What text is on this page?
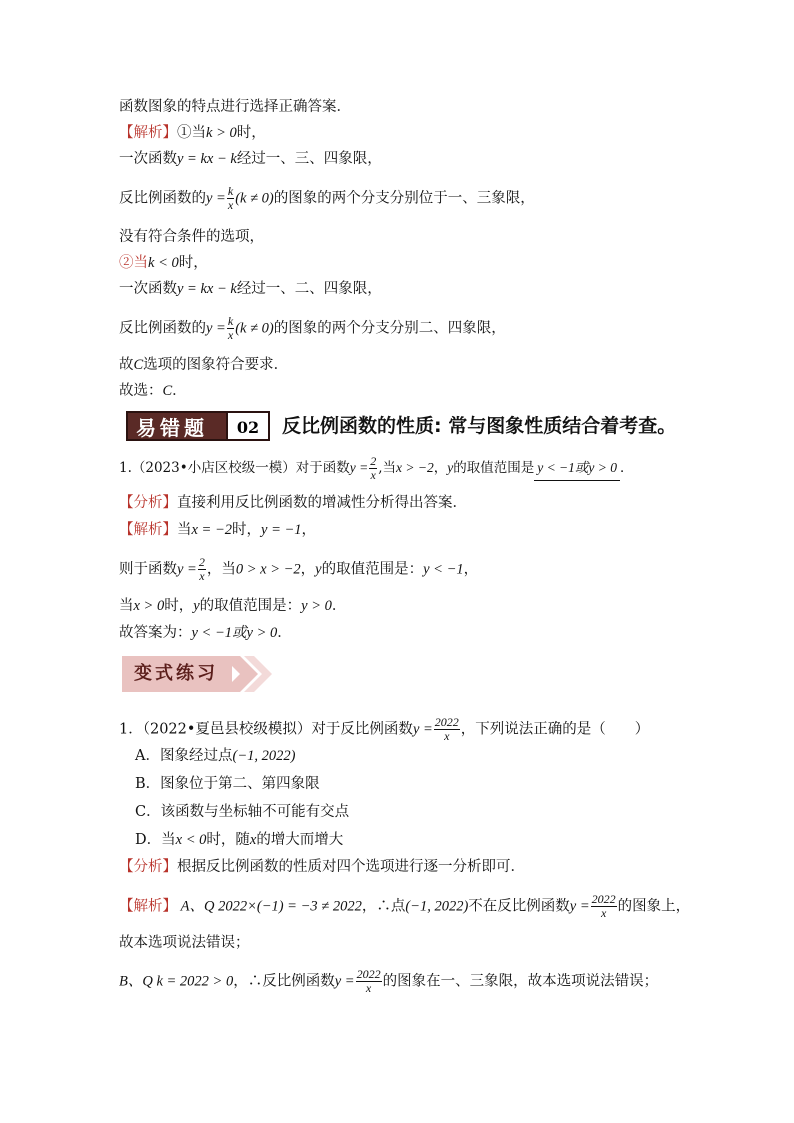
函数图象的特点进行选择正确答案．
【解析】①当k > 0时，
一次函数y = kx − k经过一、三、四象限，
反比例函数的$y = \frac{k}{x} (k \ne 0)$的图象的两个分支分别位于一、三象限，
没有符合条件的选项，
②当k < 0时，
一次函数y = kx − k经过一、二、四象限，
反比例函数的$y = \frac{k}{x} (k \ne 0)$的图象的两个分支分别二、四象限，
故C选项的图象符合要求．
故选：C．
易错题	02	反比例函数的性质: 常与图象性质结合着考查。
1.（2023•小店区校级一模）对于函数$y = \frac{2}{x}$ ,当x > −2，y的取值范围是 y < −1或y > 0 ．
【分析】直接利用反比例函数的增减性分析得出答案．
【解析】当x = −2时，y = −1，
则于函数$y = \frac{2}{x}$ ，当0 > x > −2，y的取值范围是：y < −1，
当x > 0时，y的取值范围是：y > 0．
故答案为：y < −1或y > 0．
变式练习
1．（2022•夏邑县校级模拟）对于反比例函数$y = \frac{2022}{x}$ ，下列说法正确的是（　　）
A．图象经过点(−1, 2022)
B．图象位于第二、第四象限
C．该函数与坐标轴不可能有交点
D．当x < 0时，随x的增大而增大
【分析】根据反比例函数的性质对四个选项进行逐一分析即可．
【解析】 A、Q 2022×(−1) = −3 ≠ 2022，∴点(−1, 2022)不在反比例函数$y = \frac{2022}{x}$ 的图象上，
故本选项说法错误；
B、Q k = 2022 > 0，∴反比例函数$y = \frac{2022}{x}$ 的图象在一、三象限，故本选项说法错误；
